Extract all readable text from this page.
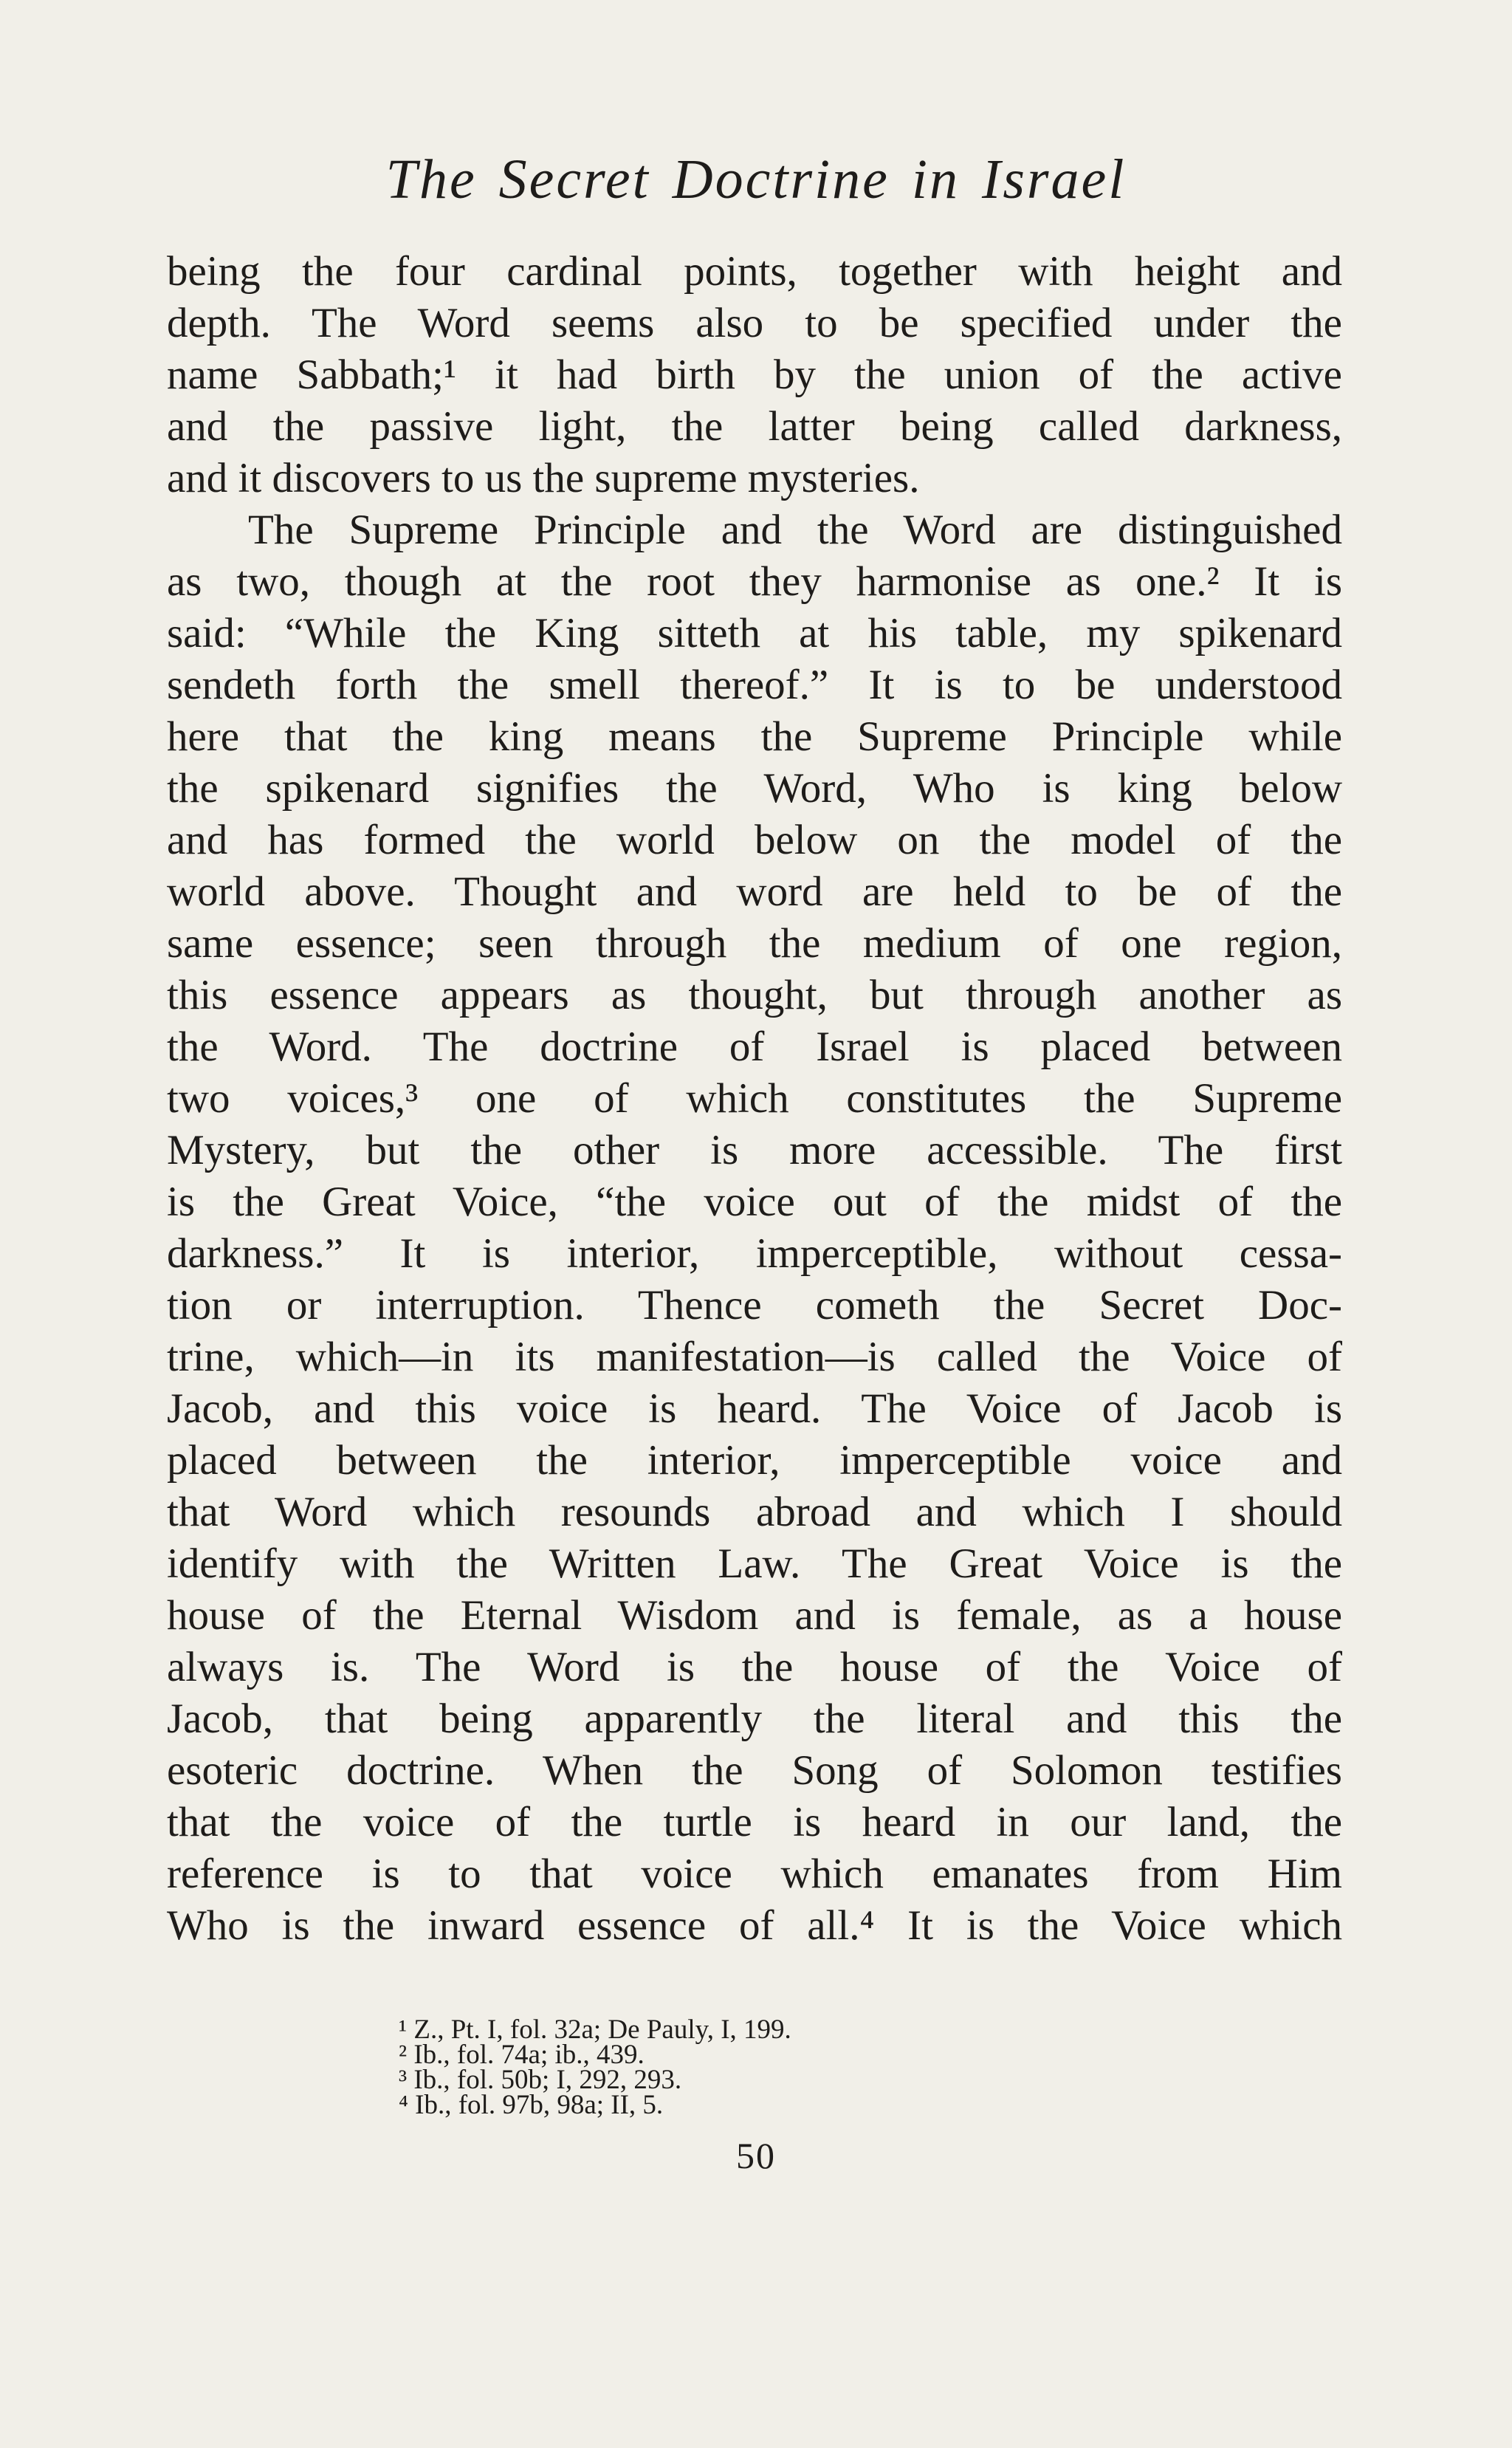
The Secret Doctrine in Israel
being the four cardinal points, together with height and
depth. The Word seems also to be specified under the
name Sabbath;¹ it had birth by the union of the active
and the passive light, the latter being called darkness,
and it discovers to us the supreme mysteries.
The Supreme Principle and the Word are distinguished
as two, though at the root they harmonise as one.² It is
said: “While the King sitteth at his table, my spikenard
sendeth forth the smell thereof.” It is to be understood
here that the king means the Supreme Principle while
the spikenard signifies the Word, Who is king below
and has formed the world below on the model of the
world above. Thought and word are held to be of the
same essence; seen through the medium of one region,
this essence appears as thought, but through another as
the Word. The doctrine of Israel is placed between
two voices,³ one of which constitutes the Supreme
Mystery, but the other is more accessible. The first
is the Great Voice, “the voice out of the midst of the
darkness.” It is interior, imperceptible, without cessa-
tion or interruption. Thence cometh the Secret Doc-
trine, which—in its manifestation—is called the Voice of
Jacob, and this voice is heard. The Voice of Jacob is
placed between the interior, imperceptible voice and
that Word which resounds abroad and which I should
identify with the Written Law. The Great Voice is the
house of the Eternal Wisdom and is female, as a house
always is. The Word is the house of the Voice of
Jacob, that being apparently the literal and this the
esoteric doctrine. When the Song of Solomon testifies
that the voice of the turtle is heard in our land, the
reference is to that voice which emanates from Him
Who is the inward essence of all.⁴ It is the Voice which
¹ Z., Pt. I, fol. 32a; De Pauly, I, 199.
² Ib., fol. 74a; ib., 439.
³ Ib., fol. 50b; I, 292, 293.
⁴ Ib., fol. 97b, 98a; II, 5.
50
